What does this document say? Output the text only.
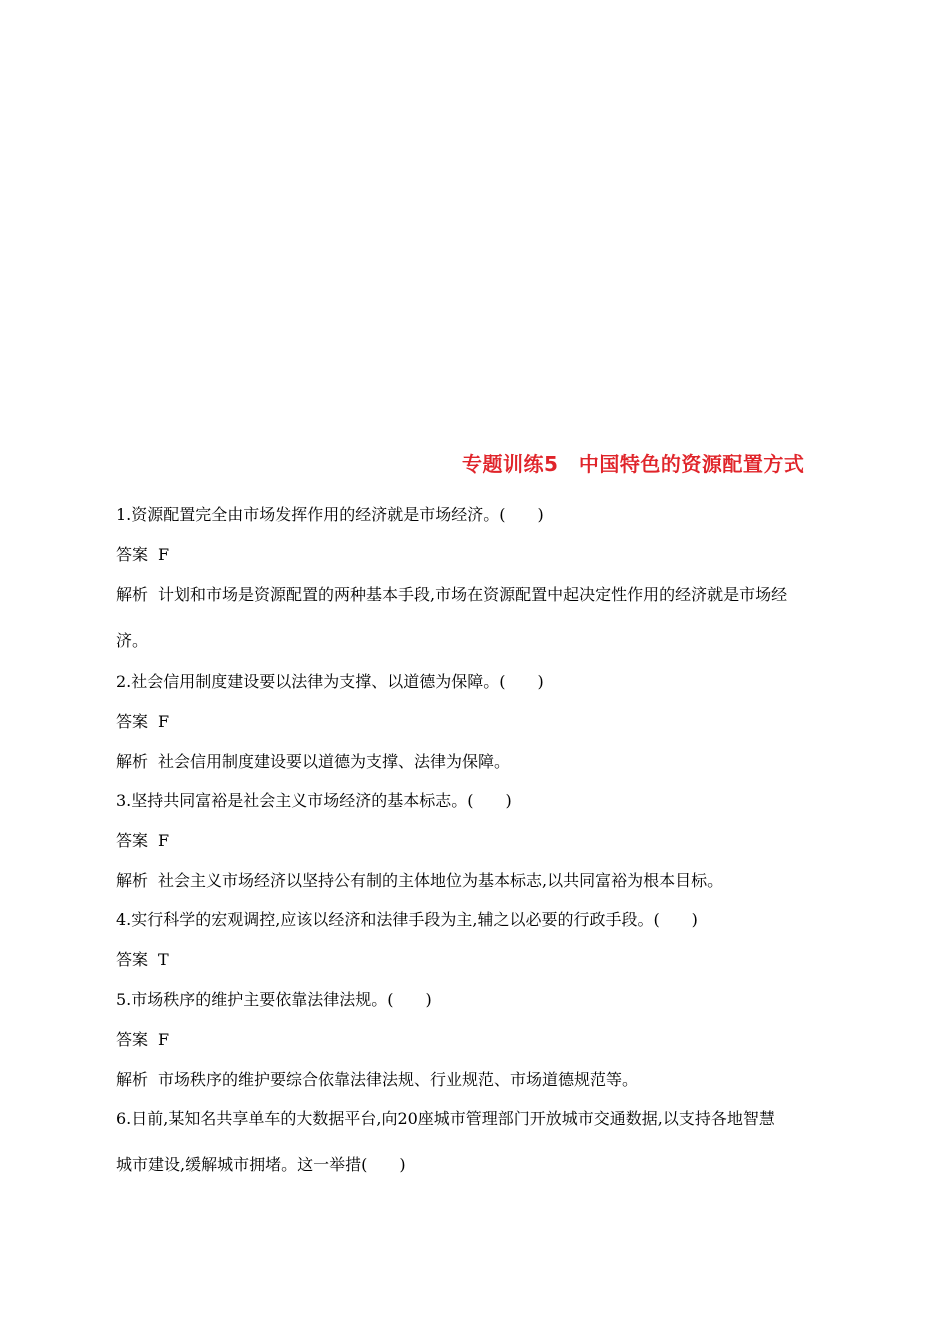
专题训练5　中国特色的资源配置方式
1.资源配置完全由市场发挥作用的经济就是市场经济。(　　)
答案 F
解析 计划和市场是资源配置的两种基本手段,市场在资源配置中起决定性作用的经济就是市场经
济。
2.社会信用制度建设要以法律为支撑、以道德为保障。(　　)
答案 F
解析 社会信用制度建设要以道德为支撑、法律为保障。
3.坚持共同富裕是社会主义市场经济的基本标志。(　　)
答案 F
解析 社会主义市场经济以坚持公有制的主体地位为基本标志,以共同富裕为根本目标。
4.实行科学的宏观调控,应该以经济和法律手段为主,辅之以必要的行政手段。(　　)
答案 T
5.市场秩序的维护主要依靠法律法规。(　　)
答案 F
解析 市场秩序的维护要综合依靠法律法规、行业规范、市场道德规范等。
6.日前,某知名共享单车的大数据平台,向20座城市管理部门开放城市交通数据,以支持各地智慧
城市建设,缓解城市拥堵。这一举措(　　)
